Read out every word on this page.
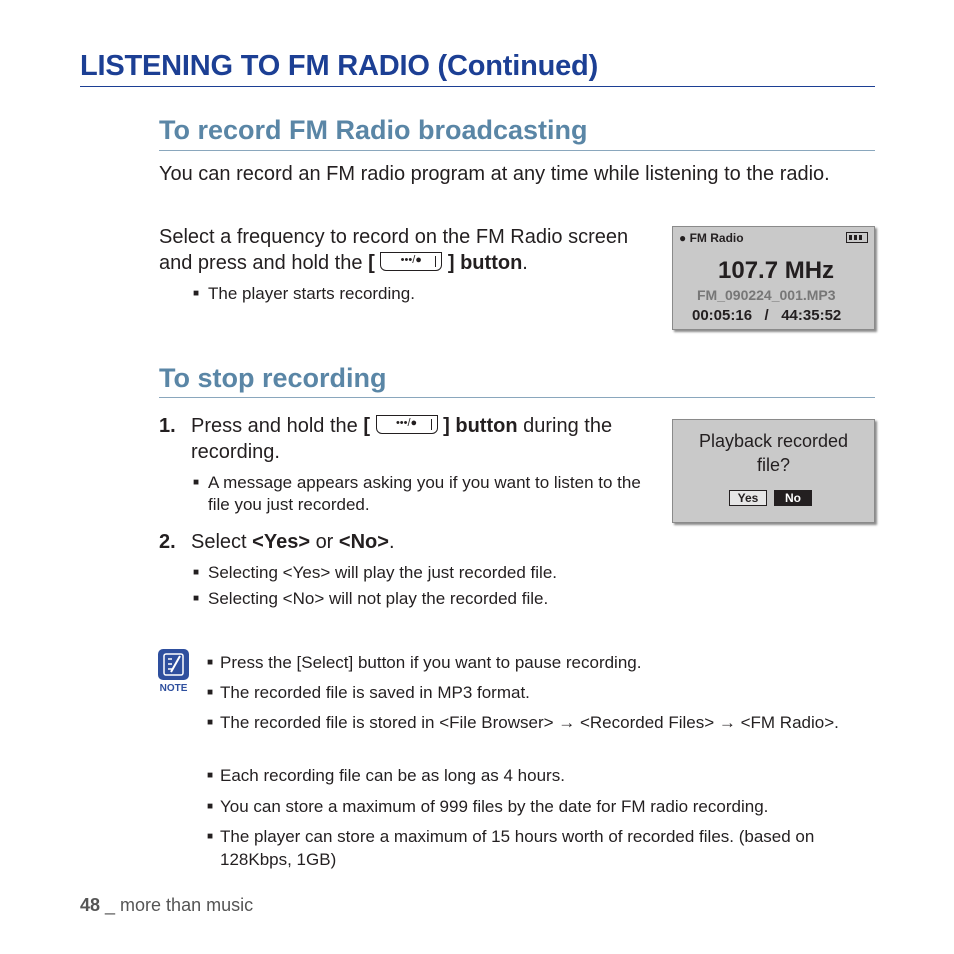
LISTENING TO FM RADIO (Continued)
To record FM Radio broadcasting
You can record an FM radio program at any time while listening to the radio.
Select a frequency to record on the FM Radio screen and press and hold the [ •••/● ] button.
■ The player starts recording.
● FM Radio
107.7 MHz
FM_090224_001.MP3
00:05:16   /   44:35:52
To stop recording
1. Press and hold the [ •••/● ] button during the recording.
■ A message appears asking you if you want to listen to the file you just recorded.
2. Select <Yes> or <No>.
■ Selecting <Yes> will play the just recorded file.
■ Selecting <No> will not play the recorded file.
Playback recorded file?
Yes	No
NOTE
■ Press the [Select] button if you want to pause recording.
■ The recorded file is saved in MP3 format.
■ The recorded file is stored in <File Browser> → <Recorded Files> → <FM Radio>.
■ Each recording file can be as long as 4 hours.
■ You can store a maximum of 999 files by the date for FM radio recording.
■ The player can store a maximum of 15 hours worth of recorded files. (based on 128Kbps, 1GB)
48 _ more than music
